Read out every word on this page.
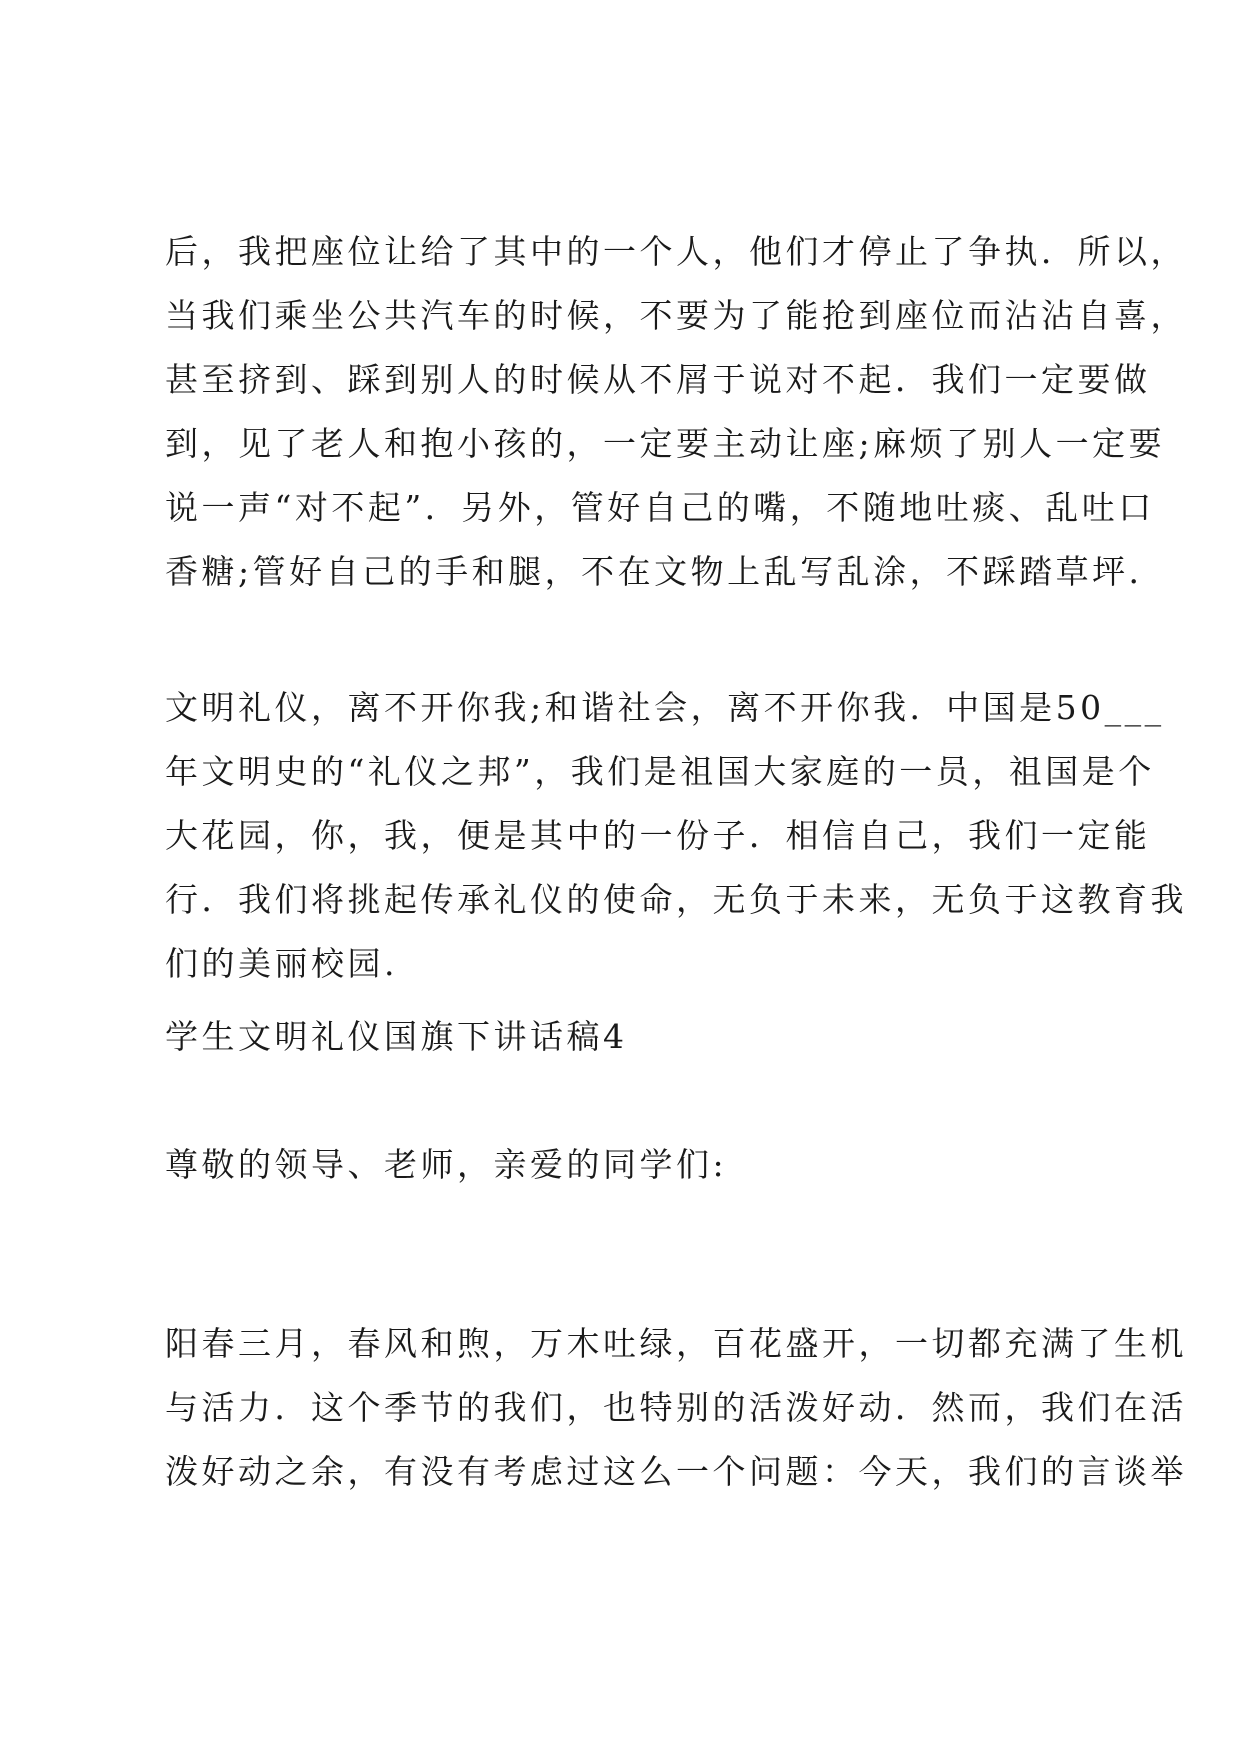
后，我把座位让给了其中的一个人，他们才停止了争执．所以，
当我们乘坐公共汽车的时候，不要为了能抢到座位而沾沾自喜，
甚至挤到、踩到别人的时候从不屑于说对不起．我们一定要做
到，见了老人和抱小孩的，一定要主动让座;麻烦了别人一定要
说一声“对不起”．另外，管好自己的嘴，不随地吐痰、乱吐口
香糖;管好自己的手和腿，不在文物上乱写乱涂，不踩踏草坪．
文明礼仪，离不开你我;和谐社会，离不开你我．中国是50___
年文明史的“礼仪之邦”，我们是祖国大家庭的一员，祖国是个
大花园，你，我，便是其中的一份子．相信自己，我们一定能
行．我们将挑起传承礼仪的使命，无负于未来，无负于这教育我
们的美丽校园.
学生文明礼仪国旗下讲话稿4
尊敬的领导、老师，亲爱的同学们:
阳春三月，春风和煦，万木吐绿，百花盛开，一切都充满了生机
与活力．这个季节的我们，也特别的活泼好动．然而，我们在活
泼好动之余，有没有考虑过这么一个问题：今天，我们的言谈举
